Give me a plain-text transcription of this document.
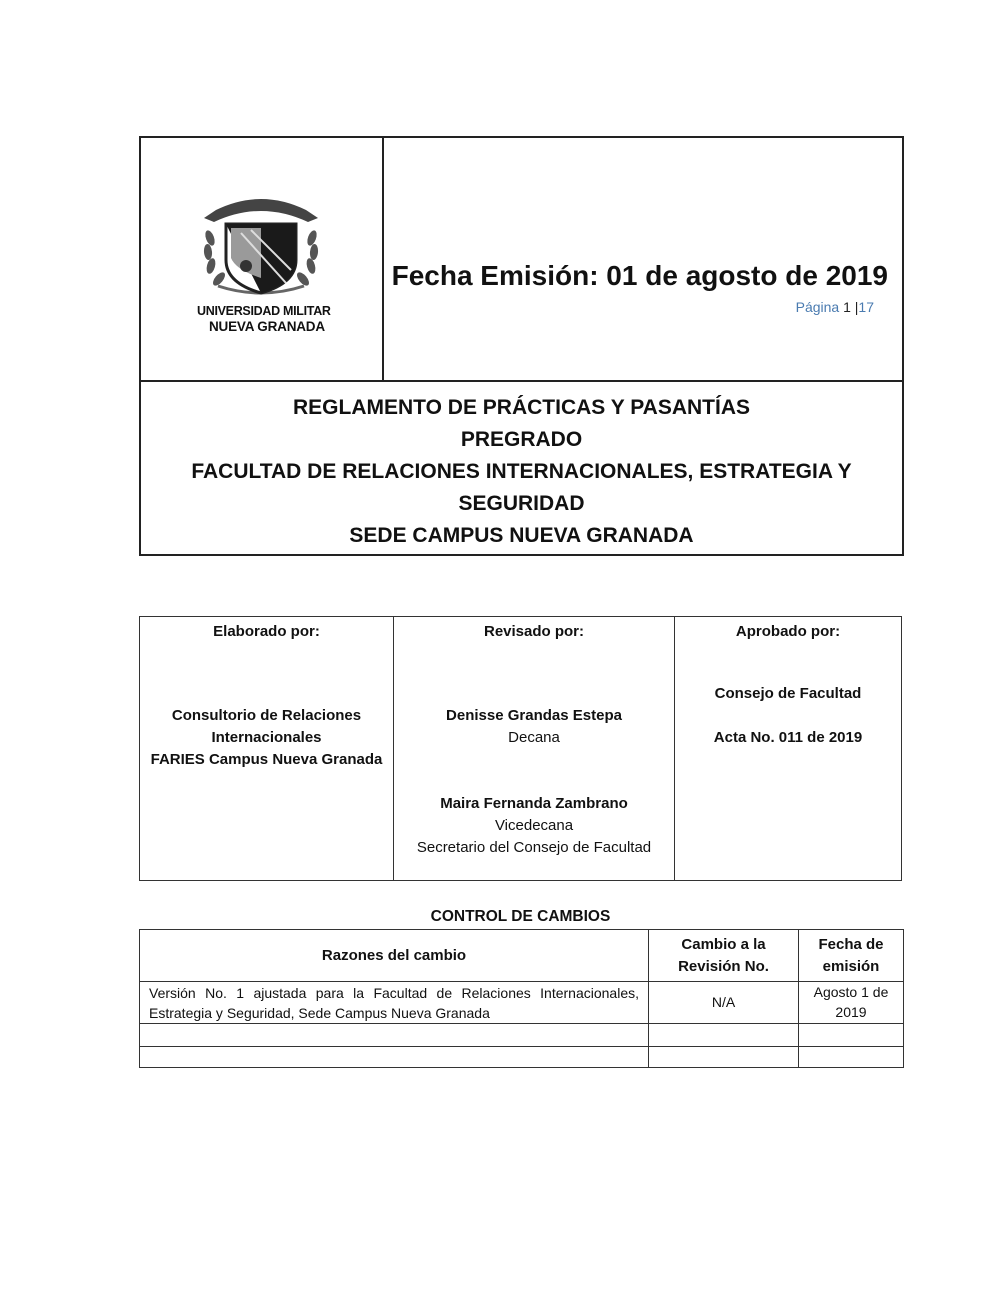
UNIVERSIDAD MILITAR
NUEVA GRANADA
Fecha Emisión: 01 de agosto de 2019
Página 1 |17
REGLAMENTO DE PRÁCTICAS Y PASANTÍAS
PREGRADO
FACULTAD DE RELACIONES INTERNACIONALES, ESTRATEGIA Y
SEGURIDAD
SEDE CAMPUS NUEVA GRANADA
Elaborado por:
Consultorio de Relaciones
Internacionales
FARIES Campus Nueva Granada
Revisado por:
Denisse Grandas Estepa
Decana
Maira Fernanda Zambrano
Vicedecana
Secretario del Consejo de Facultad
Aprobado por:
Consejo de Facultad
Acta No. 011 de 2019
CONTROL DE CAMBIOS
Razones del cambio
Cambio a la
Revisión No.
Fecha de
emisión
Versión No. 1 ajustada para la Facultad de Relaciones Internacionales, Estrategia y Seguridad, Sede Campus Nueva Granada
N/A
Agosto 1 de
2019
